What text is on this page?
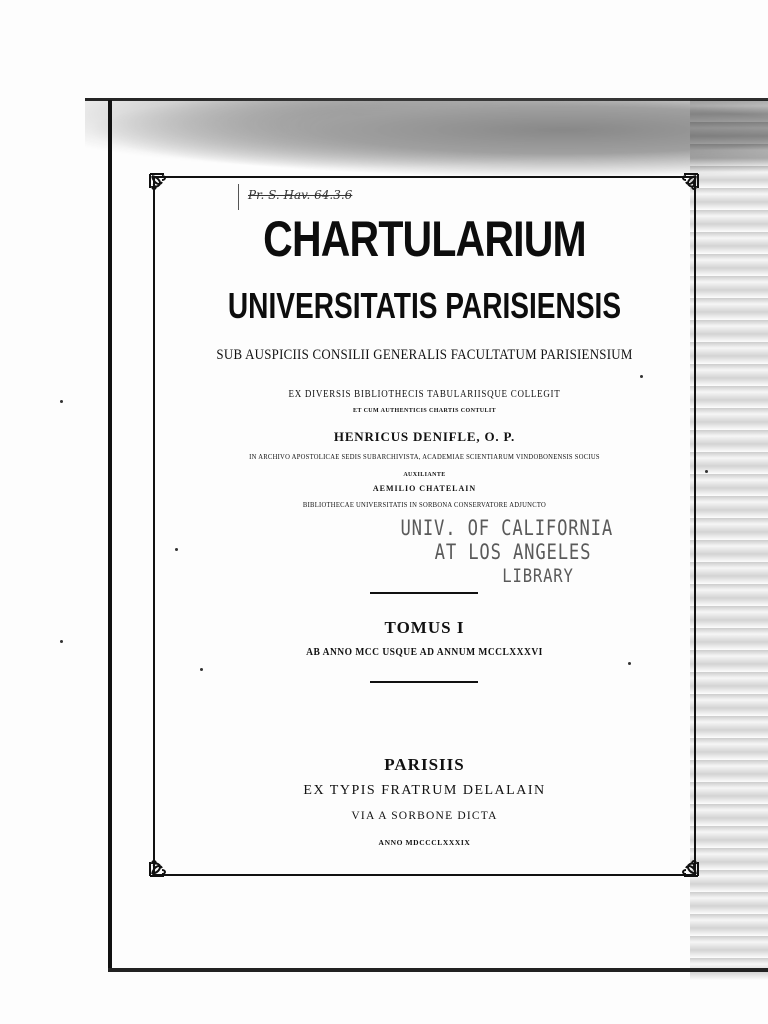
Pr. S. Hav. 64.3.6
CHARTULARIUM
UNIVERSITATIS PARISIENSIS
SUB AUSPICIIS CONSILII GENERALIS FACULTATUM PARISIENSIUM
EX DIVERSIS BIBLIOTHECIS TABULARIISQUE COLLEGIT
ET CUM AUTHENTICIS CHARTIS CONTULIT
HENRICUS DENIFLE, O. P.
IN ARCHIVO APOSTOLICAE SEDIS SUBARCHIVISTA, ACADEMIAE SCIENTIARUM VINDOBONENSIS SOCIUS
AUXILIANTE
AEMILIO CHATELAIN
BIBLIOTHECAE UNIVERSITATIS IN SORBONA CONSERVATORE ADJUNCTO
UNIV. OF CALIFORNIA
AT LOS ANGELES
LIBRARY
TOMUS I
AB ANNO MCC USQUE AD ANNUM MCCLXXXVI
PARISIIS
EX TYPIS FRATRUM DELALAIN
VIA A SORBONE DICTA
ANNO MDCCCLXXXIX
